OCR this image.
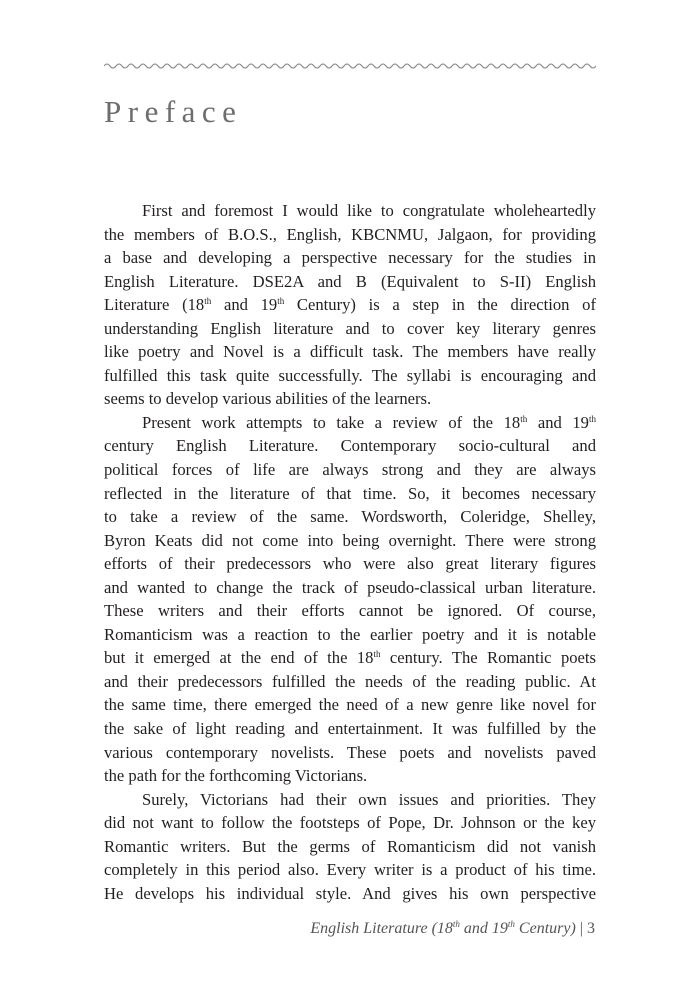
Preface
First and foremost I would like to congratulate wholeheartedly
the members of B.O.S., English, KBCNMU, Jalgaon, for providing
a base and developing a perspective necessary for the studies in
English Literature. DSE2A and B (Equivalent to S-II) English
Literature (18th and 19th Century) is a step in the direction of
understanding English literature and to cover key literary genres
like poetry and Novel is a difficult task. The members have really
fulfilled this task quite successfully. The syllabi is encouraging and
seems to develop various abilities of the learners.
Present work attempts to take a review of the 18th and 19th
century English Literature. Contemporary socio-cultural and
political forces of life are always strong and they are always
reflected in the literature of that time. So, it becomes necessary
to take a review of the same. Wordsworth, Coleridge, Shelley,
Byron Keats did not come into being overnight. There were strong
efforts of their predecessors who were also great literary figures
and wanted to change the track of pseudo-classical urban literature.
These writers and their efforts cannot be ignored. Of course,
Romanticism was a reaction to the earlier poetry and it is notable
but it emerged at the end of the 18th century. The Romantic poets
and their predecessors fulfilled the needs of the reading public. At
the same time, there emerged the need of a new genre like novel for
the sake of light reading and entertainment. It was fulfilled by the
various contemporary novelists. These poets and novelists paved
the path for the forthcoming Victorians.
Surely, Victorians had their own issues and priorities. They
did not want to follow the footsteps of Pope, Dr. Johnson or the key
Romantic writers. But the germs of Romanticism did not vanish
completely in this period also. Every writer is a product of his time.
He develops his individual style. And gives his own perspective
English Literature (18th and 19th Century) | 3
